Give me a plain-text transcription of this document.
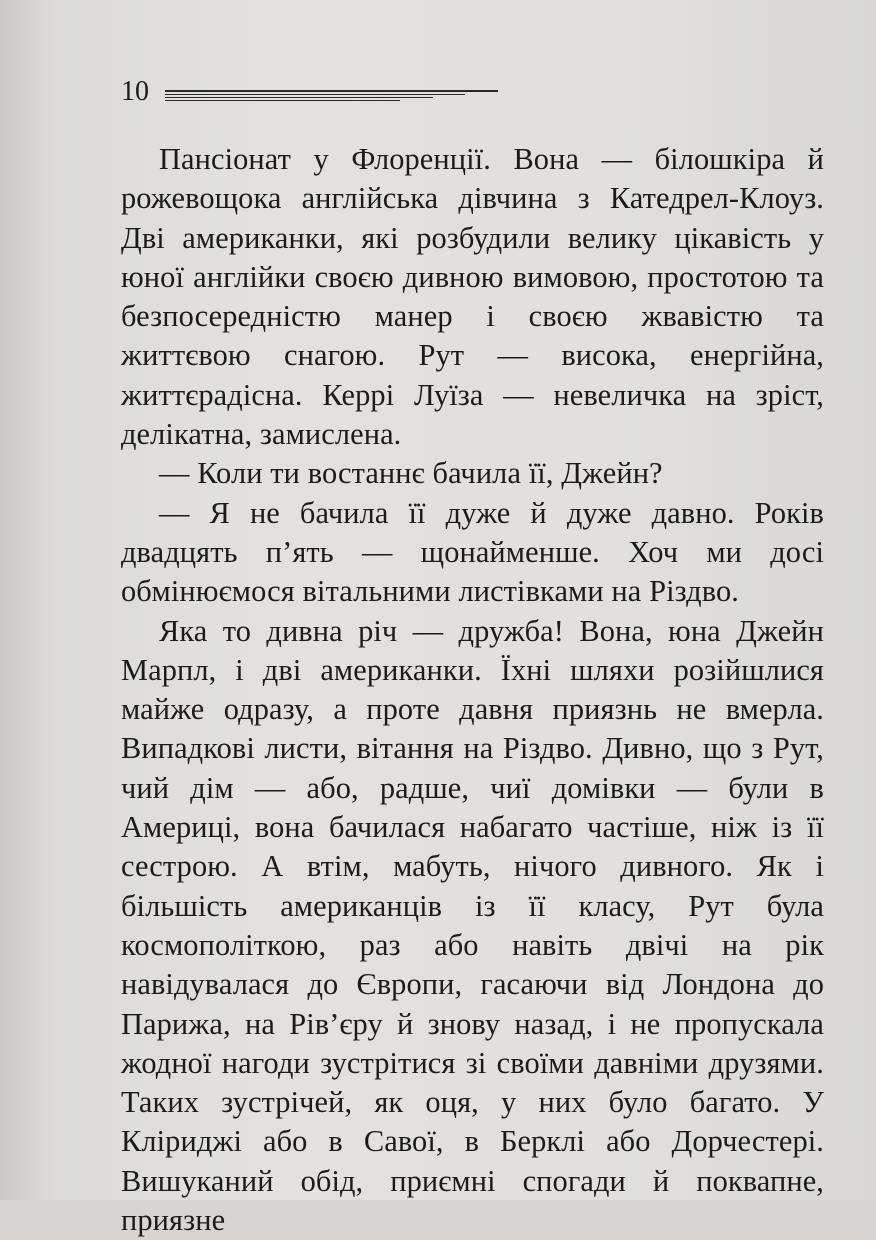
10

Пансіонат у Флоренції. Вона — білошкіра й рожевощока англійська дівчина з Катедрел-Клоуз. Дві американки, які розбудили велику цікавість у юної англійки своєю дивною вимовою, простотою та безпосередністю манер і своєю жвавістю та життєвою снагою. Рут — висока, енергійна, життєрадісна. Керрі Луїза — невеличка на зріст, делікатна, замислена.

— Коли ти востаннє бачила її, Джейн?

— Я не бачила її дуже й дуже давно. Років двадцять п’ять — щонайменше. Хоч ми досі обмінюємося вітальними листівками на Різдво.

Яка то дивна річ — дружба! Вона, юна Джейн Марпл, і дві американки. Їхні шляхи розійшлися майже одразу, а проте давня приязнь не вмерла. Випадкові листи, вітання на Різдво. Дивно, що з Рут, чий дім — або, радше, чиї домівки — були в Америці, вона бачилася набагато частіше, ніж із її сестрою. А втім, мабуть, нічого дивного. Як і більшість американців із її класу, Рут була космополіткою, раз або навіть двічі на рік навідувалася до Європи, гасаючи від Лондона до Парижа, на Рів’єру й знову назад, і не пропускала жодної нагоди зустрітися зі своїми давніми друзями. Таких зустрічей, як оця, у них було багато. У Кліриджі або в Савої, в Берклі або Дорчестері. Вишуканий обід, приємні спогади й поквапне, приязне
